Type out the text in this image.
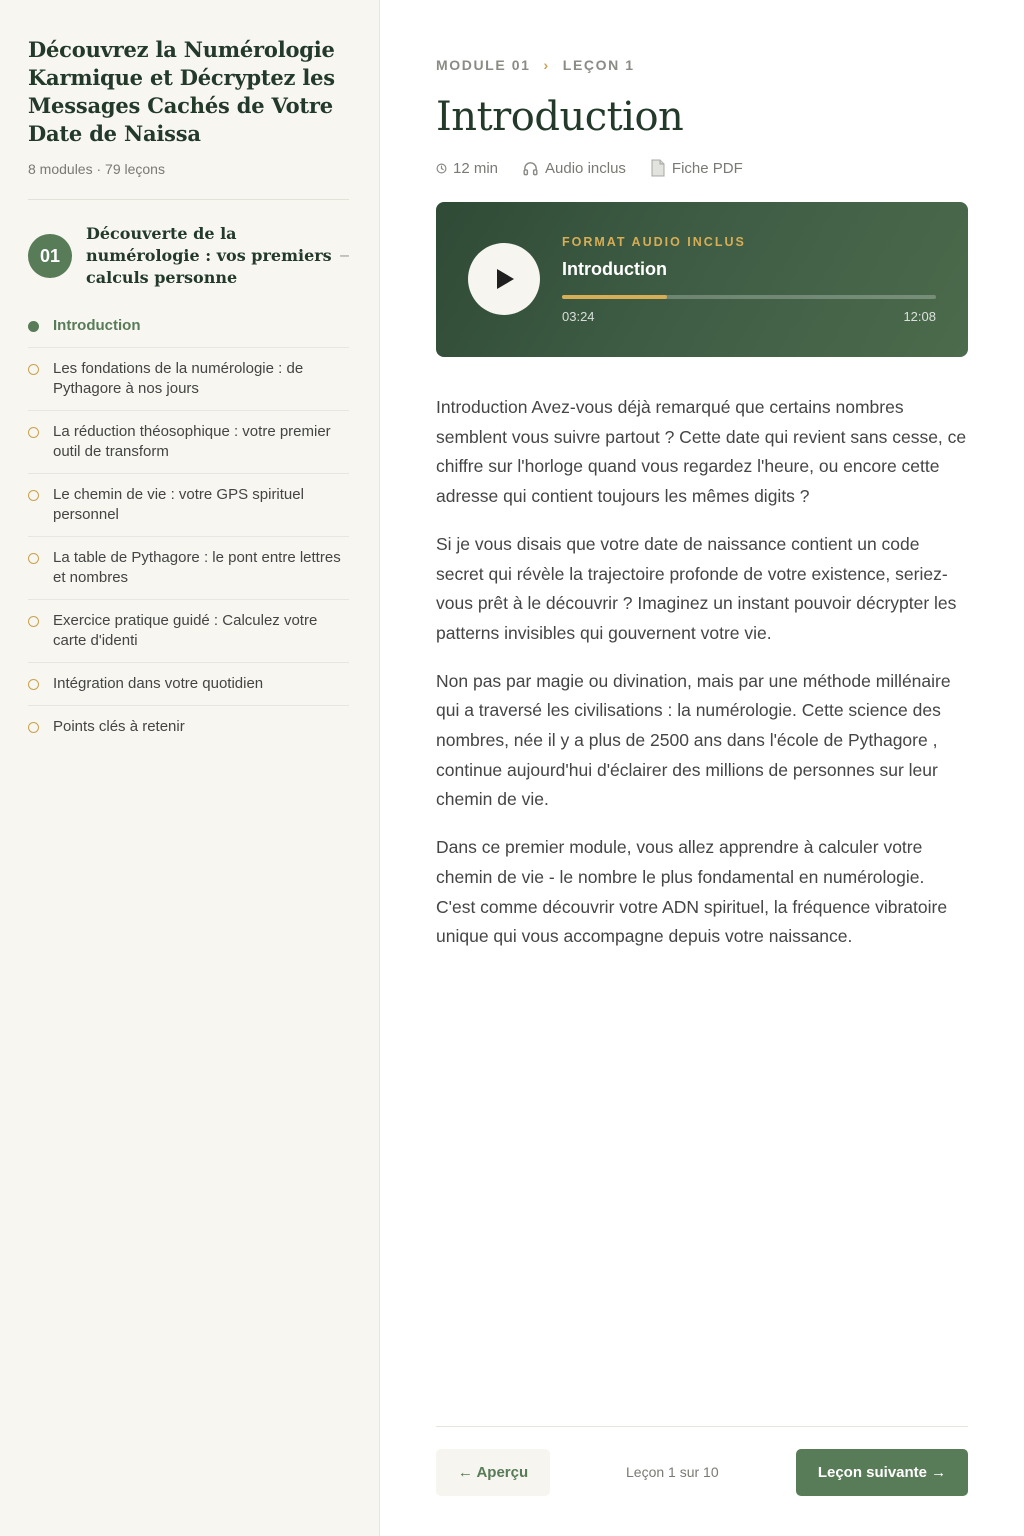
Découvrez la Numérologie Karmique et Décryptez les Messages Cachés de Votre Date de Naissa
8 modules · 79 leçons
01
Découverte de la numérologie : vos premiers calculs personne
–
Introduction
Les fondations de la numérologie : de Pythagore à nos jours
La réduction théosophique : votre premier outil de transform
Le chemin de vie : votre GPS spirituel personnel
La table de Pythagore : le pont entre lettres et nombres
Exercice pratique guidé : Calculez votre carte d'identi
Intégration dans votre quotidien
Points clés à retenir
MODULE 01 › LEÇON 1
Introduction
12 min	Audio inclus	Fiche PDF
FORMAT AUDIO INCLUS
Introduction
03:24	12:08

Introduction Avez-vous déjà remarqué que certains nombres semblent vous suivre partout ? Cette date qui revient sans cesse, ce chiffre sur l'horloge quand vous regardez l'heure, ou encore cette adresse qui contient toujours les mêmes digits ?

Si je vous disais que votre date de naissance contient un code secret qui révèle la trajectoire profonde de votre existence, seriez-vous prêt à le découvrir ? Imaginez un instant pouvoir décrypter les patterns invisibles qui gouvernent votre vie.

Non pas par magie ou divination, mais par une méthode millénaire qui a traversé les civilisations : la numérologie. Cette science des nombres, née il y a plus de 2500 ans dans l'école de Pythagore , continue aujourd'hui d'éclairer des millions de personnes sur leur chemin de vie.

Dans ce premier module, vous allez apprendre à calculer votre chemin de vie - le nombre le plus fondamental en numérologie. C'est comme découvrir votre ADN spirituel, la fréquence vibratoire unique qui vous accompagne depuis votre naissance.

← Aperçu	Leçon 1 sur 10	Leçon suivante →
